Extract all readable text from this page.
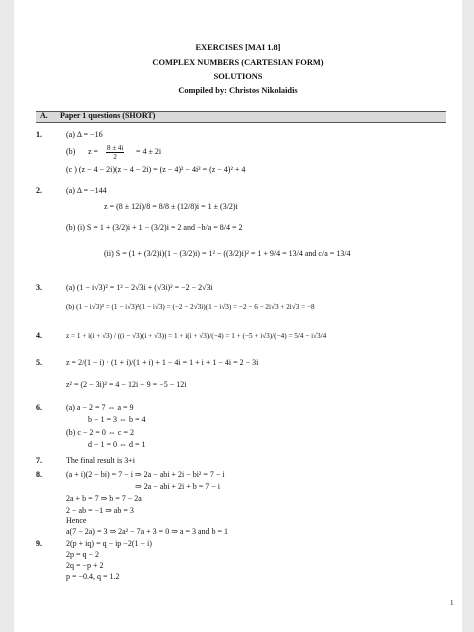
EXERCISES [MAI 1.8]
COMPLEX NUMBERS (CARTESIAN FORM)
SOLUTIONS
Compiled by: Christos Nikolaidis
A. Paper 1 questions (SHORT)
1.	(a) Δ = −16
(b) $z = \frac{8 \pm 4i}{2} = 4 \pm 2i$
(c ) (z − 4 − 2i)(z − 4 − 2i) = (z − 4)² − 4i² = (z − 4)² + 4
2.	(a) Δ = −144
z = (8 ± 12i)/8 = 8/8 ± (12/8)i = 1 ± (3/2)i
(b) (i) S = 1 + (3/2)i + 1 − (3/2)i = 2 and −b/a = 8/4 = 2
(ii) S = (1 + (3/2)i)(1 − (3/2)i) = 1² − ((3/2)i)² = 1 + 9/4 = 13/4 and c/a = 13/4
3.	(a) (1 − i√3)² = 1² − 2√3i + (√3i)² = −2 − 2√3i
(b) (1 − i√3)³ = (1 − i√3)²(1 − i√3) = (−2 − 2√3i)(1 − i√3) = −2 − 6 − 2i√3 + 2i√3 = −8
4.	z = 1 + i(i + √3) / ((i − √3)(i + √3)) = 1 + i(i + √3)/(−4) = 1 + (−5 + i√3)/(−4) = 5/4 − i√3/4
5.	z = 2/(1 − i) · (1 + i)/(1 + i) + 1 − 4i = 1 + i + 1 − 4i = 2 − 3i
z² = (2 − 3i)² = 4 − 12i − 9 = −5 − 12i
6.	(a) a − 2 = 7 ⇔ a = 9
b − 1 = 3 ⇔ b = 4
(b) c − 2 = 0 ⇔ c = 2
d − 1 = 0 ⇔ d = 1
7.	The final result is 3+i
8.	(a + i)(2 − bi) = 7 − i ⇒ 2a − abi + 2i − bi² = 7 − i
⇒ 2a − abi + 2i + b = 7 − i
2a + b = 7 ⇒ b = 7 − 2a
2 − ab = −1 ⇒ ab = 3
Hence
a(7 − 2a) = 3 ⇒ 2a² − 7a + 3 = 0 ⇒ a = 3 and b = 1
9.	2(p + iq) = q − ip −2(1 − i)
2p = q − 2
2q = −p + 2
p = −0.4, q = 1.2
1
